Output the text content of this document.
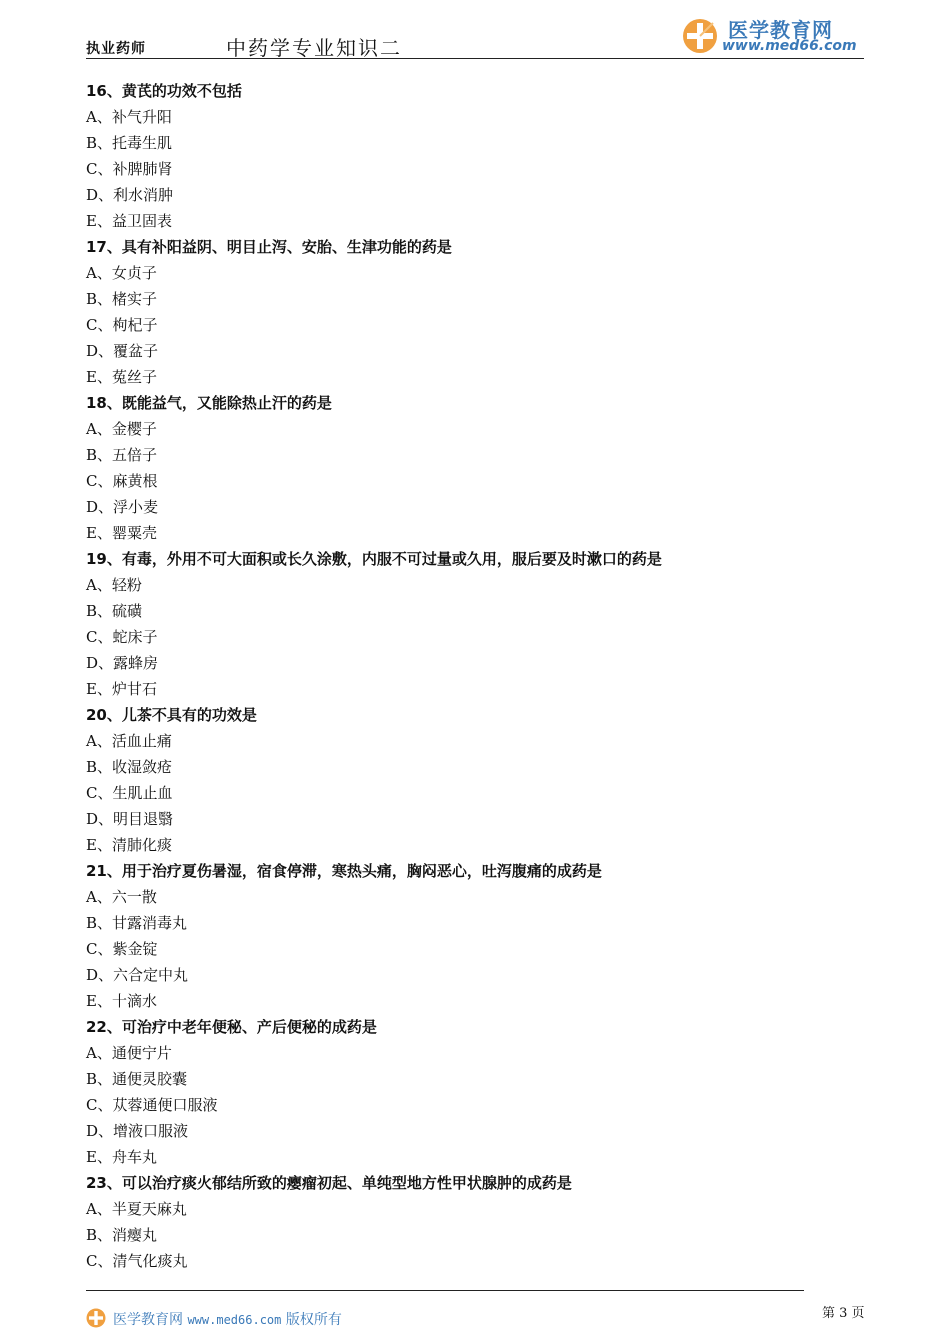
执业药师	中药学专业知识二
医学教育网
www.med66.com
16、黄芪的功效不包括
A、补气升阳
B、托毒生肌
C、补脾肺肾
D、利水消肿
E、益卫固表
17、具有补阳益阴、明目止泻、安胎、生津功能的药是
A、女贞子
B、楮实子
C、枸杞子
D、覆盆子
E、菟丝子
18、既能益气，又能除热止汗的药是
A、金樱子
B、五倍子
C、麻黄根
D、浮小麦
E、罂粟壳
19、有毒，外用不可大面积或长久涂敷，内服不可过量或久用，服后要及时漱口的药是
A、轻粉
B、硫磺
C、蛇床子
D、露蜂房
E、炉甘石
20、儿茶不具有的功效是
A、活血止痛
B、收湿敛疮
C、生肌止血
D、明目退翳
E、清肺化痰
21、用于治疗夏伤暑湿，宿食停滞，寒热头痛，胸闷恶心，吐泻腹痛的成药是
A、六一散
B、甘露消毒丸
C、紫金锭
D、六合定中丸
E、十滴水
22、可治疗中老年便秘、产后便秘的成药是
A、通便宁片
B、通便灵胶囊
C、苁蓉通便口服液
D、增液口服液
E、舟车丸
23、可以治疗痰火郁结所致的瘿瘤初起、单纯型地方性甲状腺肿的成药是
A、半夏天麻丸
B、消瘿丸
C、清气化痰丸
医学教育网 www.med66.com 版权所有	第 3 页
